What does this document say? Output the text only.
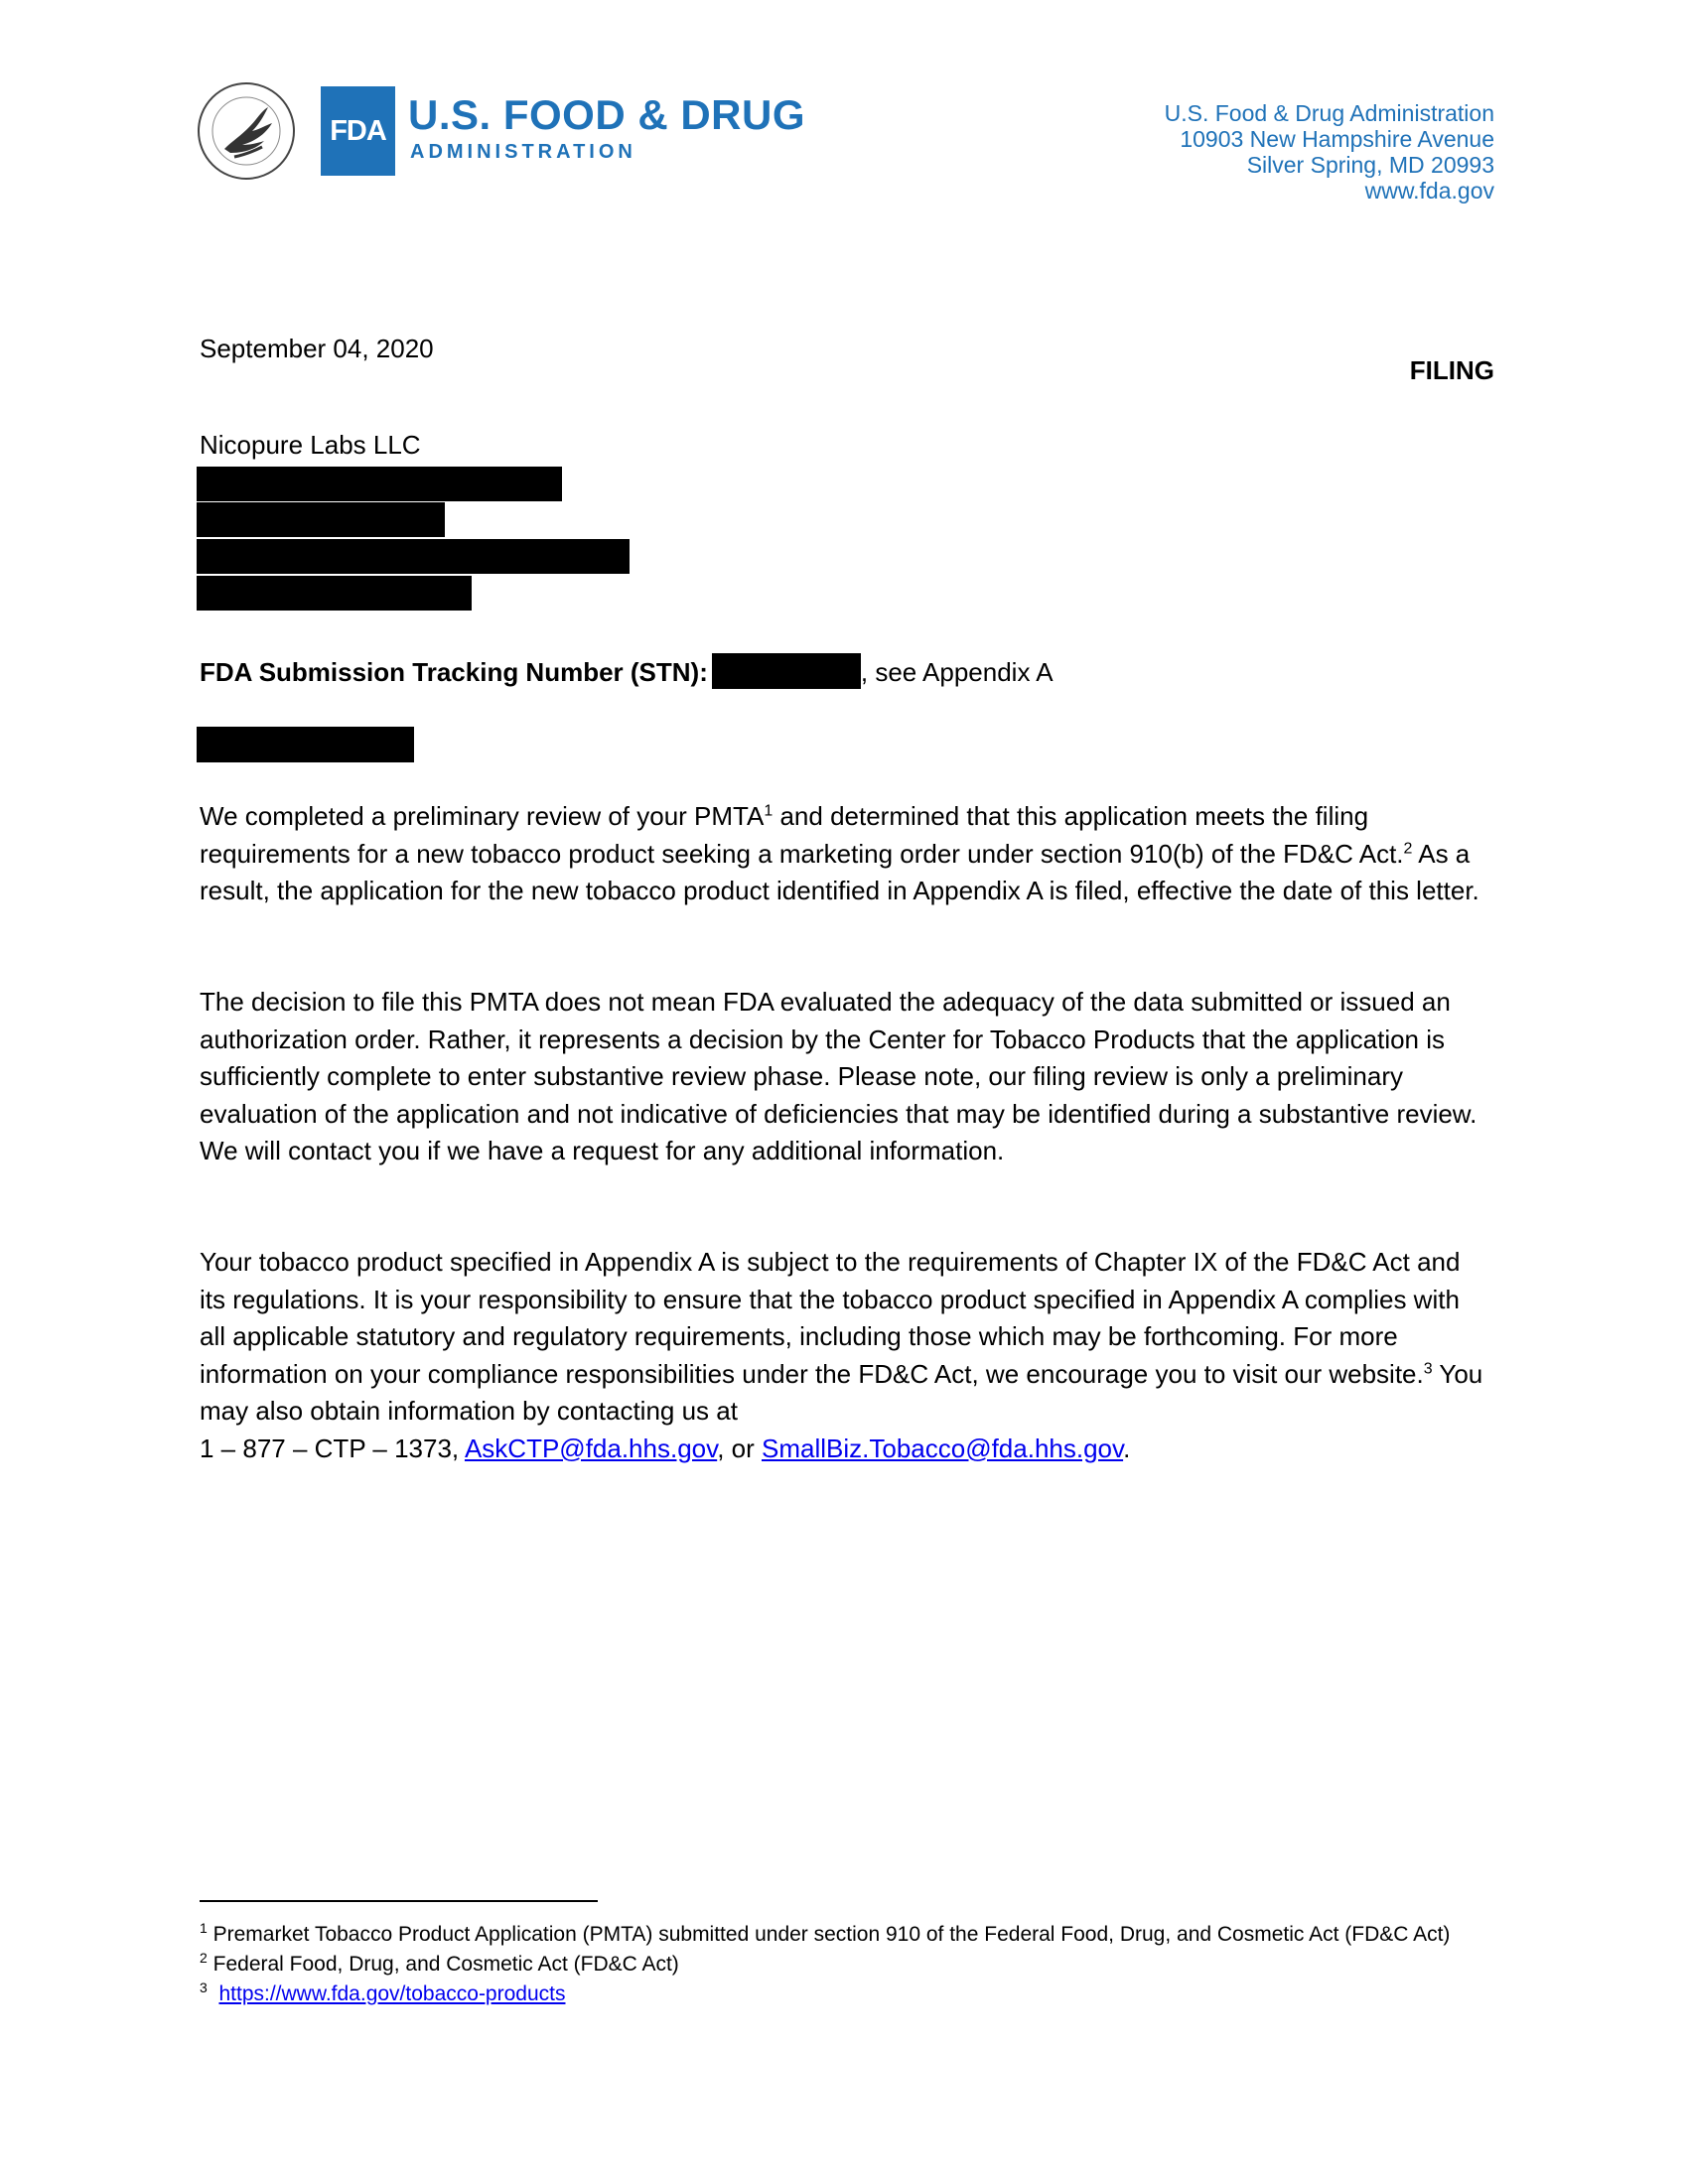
FDA U.S. FOOD & DRUG
ADMINISTRATION
U.S. Food & Drug Administration
10903 New Hampshire Avenue
Silver Spring, MD 20993
www.fda.gov
September 04, 2020
FILING
Nicopure Labs LLC
FDA Submission Tracking Number (STN):	, see Appendix A

We completed a preliminary review of your PMTA$^1$ and determined that this application meets the filing requirements for a new tobacco product seeking a marketing order under section 910(b) of the FD&C Act.$^2$ As a result, the application for the new tobacco product identified in Appendix A is filed, effective the date of this letter.

The decision to file this PMTA does not mean FDA evaluated the adequacy of the data submitted or issued an authorization order. Rather, it represents a decision by the Center for Tobacco Products that the application is sufficiently complete to enter substantive review phase. Please note, our filing review is only a preliminary evaluation of the application and not indicative of deficiencies that may be identified during a substantive review. We will contact you if we have a request for any additional information.

Your tobacco product specified in Appendix A is subject to the requirements of Chapter IX of the FD&C Act and its regulations. It is your responsibility to ensure that the tobacco product specified in Appendix A complies with all applicable statutory and regulatory requirements, including those which may be forthcoming. For more information on your compliance responsibilities under the FD&C Act, we encourage you to visit our website.$^3$ You may also obtain information by contacting us at
1 – 877 – CTP – 1373, AskCTP@fda.hhs.gov, or SmallBiz.Tobacco@fda.hhs.gov.

$^1$ Premarket Tobacco Product Application (PMTA) submitted under section 910 of the Federal Food, Drug, and Cosmetic Act (FD&C Act)
$^2$ Federal Food, Drug, and Cosmetic Act (FD&C Act)
$^3$ https://www.fda.gov/tobacco-products
